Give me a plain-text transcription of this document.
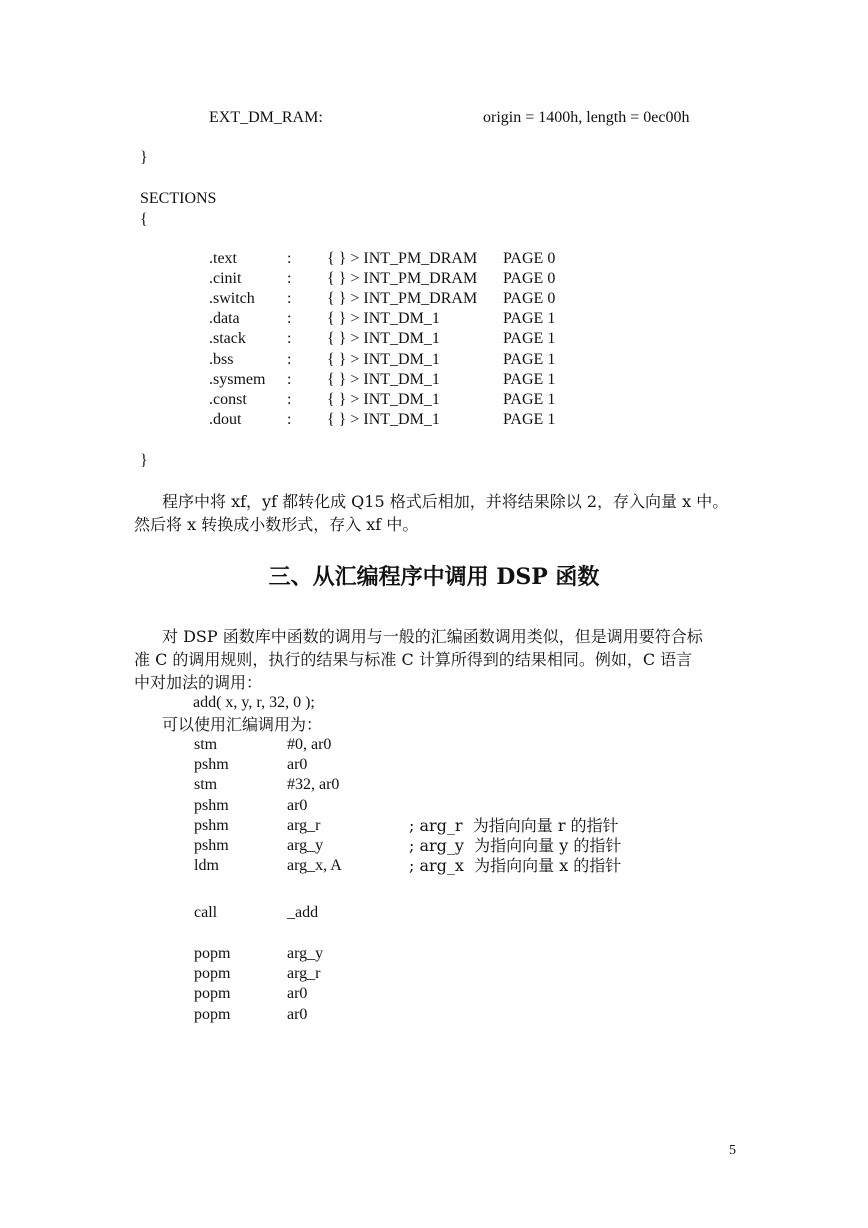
EXT_DM_RAM:	origin = 1400h, length = 0ec00h
}
SECTIONS
{
.text	: { } > INT_PM_DRAM PAGE 0
.cinit	: { } > INT_PM_DRAM PAGE 0
.switch : { } > INT_PM_DRAM PAGE 0
.data	: { } > INT_DM_1	PAGE 1
.stack	: { } > INT_DM_1	PAGE 1
.bss	: { } > INT_DM_1	PAGE 1
.sysmem : { } > INT_DM_1	PAGE 1
.const	: { } > INT_DM_1	PAGE 1
.dout	: { } > INT_DM_1	PAGE 1
}
程序中将 xf，yf 都转化成 Q15 格式后相加，并将结果除以 2，存入向量 x 中。
然后将 x 转换成小数形式，存入 xf 中。
三、从汇编程序中调用 DSP 函数
对 DSP 函数库中函数的调用与一般的汇编函数调用类似，但是调用要符合标
准 C 的调用规则，执行的结果与标准 C 计算所得到的结果相同。例如，C 语言
中对加法的调用：
add( x, y, r, 32, 0 );
可以使用汇编调用为：
stm	#0, ar0
pshm	ar0
stm	#32, ar0
pshm	ar0
pshm	arg_r	; arg_r  为指向向量 r 的指针
pshm	arg_y	; arg_y  为指向向量 y 的指针
ldm	arg_x, A	; arg_x  为指向向量 x 的指针
call	_add
popm	arg_y
popm	arg_r
popm	ar0
popm	ar0
5
